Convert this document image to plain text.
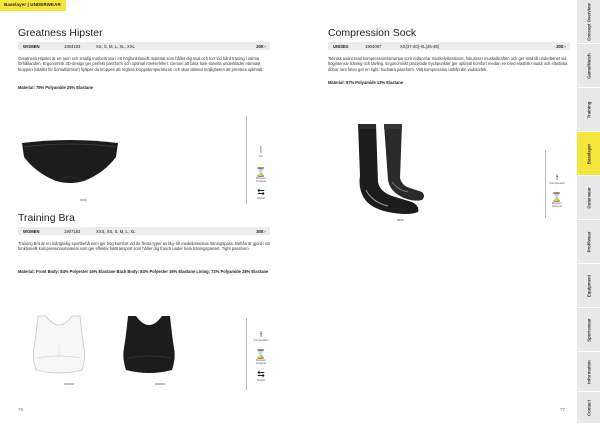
Baselayer | UNDERWEAR
Greatness Hipster
WOMEN	1904193	XS, S, M, L, XL, XXL	200:-
Greatness Hipster är en tunn och smidig trosbertrosa i ett högfunktionellt material som håller dig sval och torr vid hård träning i varma förhållanden. Ergonomisk 3D-design ger perfekt passform och optimal rörelsefrihet. Genom att bära funk-tionella underkläder närmast kroppen (istället för bomullströsor) hjälper du kroppen att reglera kroppstemperaturen och ökar dämed möjligheten att prestera optimalt.
Material: 75% Polyamide 25% Elastane
9999
⦚
Dri
⌛
Moisture transport
⇆
Stretch
Training Bra
WOMEN	1907183	XXS, XS, S, M, L, XL	300:-
Training Bra är en mångsidig sportbehå som ger hög komfort vid de flesta typer av låg- till medelintensiva träningspass. Behån är gjord i ett funktionellt kompressionsmaterial som ger effektiv fukttransport som håller dig frasch under hela träningspasset. Tight passform.
Material: Front Body: 84% Polyester 16% Elastane Back Body: 84% Polyester 16% Elastane Lining: 72% Polyamide 28% Elastane
900000	999000
⟊
Compression
⌛
Moisture transport
⇆
Stretch
76
Compression Sock
UNISEX	1904087	XS(37-40)-XL(45-48)	300:-
Teknisk avancerad kompressionsstrumpa som reducerar muskelvibrationer, fokuserar muskelkraften och ger stöd till underbenet vid högintensiv träning och tävling. Ergonomiskt placerade tryckpunkter ger optimal komfort medan en bred elastisk muddi och elastiska ribbor runt foten ger en tight, hudnära passform. Välj kompression utifrån din vadstorlek.
Material: 87% Polyamide 13% Elastane
9995
⟊
Compression
⌛
Moisture transport
77
Concept Overview
Game/Match
Training
Baselayer
Outerwear
Profilwear
Equipment
Sportswear
Information
Contact
